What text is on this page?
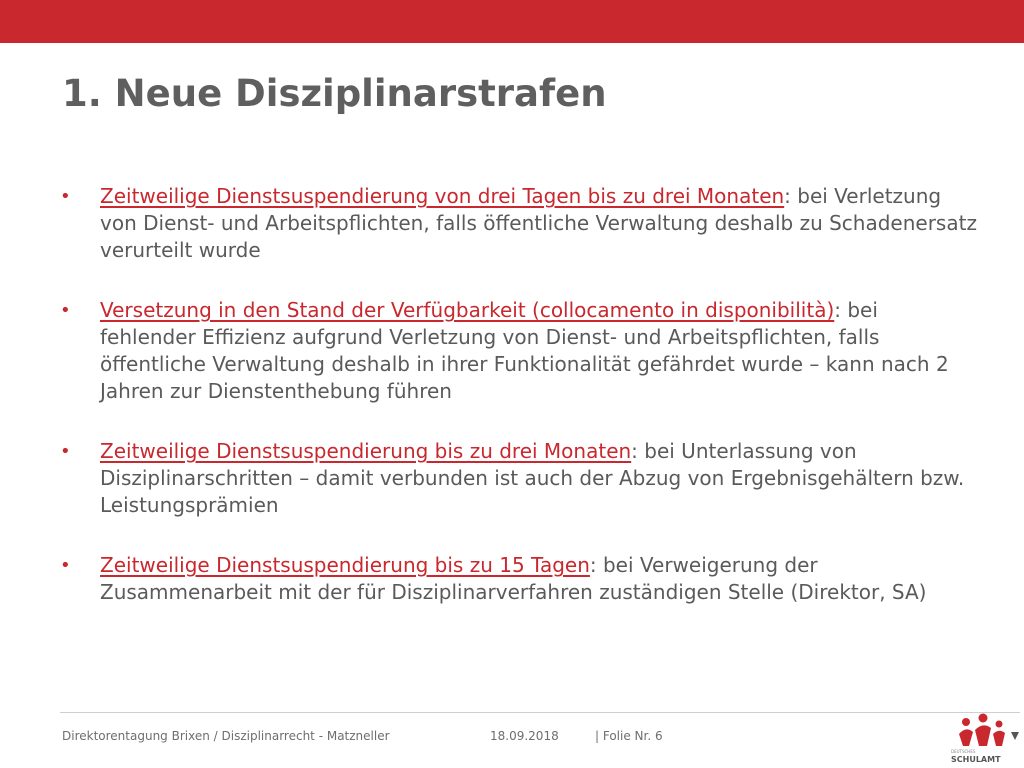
1. Neue Disziplinarstrafen
• Zeitweilige Dienstsuspendierung von drei Tagen bis zu drei Monaten: bei Verletzung von Dienst- und Arbeitspflichten, falls öffentliche Verwaltung deshalb zu Schadenersatz verurteilt wurde
• Versetzung in den Stand der Verfügbarkeit (collocamento in disponibilità): bei fehlender Effizienz aufgrund Verletzung von Dienst- und Arbeitspflichten, falls öffentliche Verwaltung deshalb in ihrer Funktionalität gefährdet wurde – kann nach 2 Jahren zur Dienstenthebung führen
• Zeitweilige Dienstsuspendierung bis zu drei Monaten: bei Unterlassung von Disziplinarschritten – damit verbunden ist auch der Abzug von Ergebnisgehältern bzw. Leistungsprämien
• Zeitweilige Dienstsuspendierung bis zu 15 Tagen: bei Verweigerung der Zusammenarbeit mit der für Disziplinarverfahren zuständigen Stelle (Direktor, SA)
Direktorentagung Brixen / Disziplinarrecht - Matzneller	18.09.2018	| Folie Nr. 6
DEUTSCHES
SCHULAMT
